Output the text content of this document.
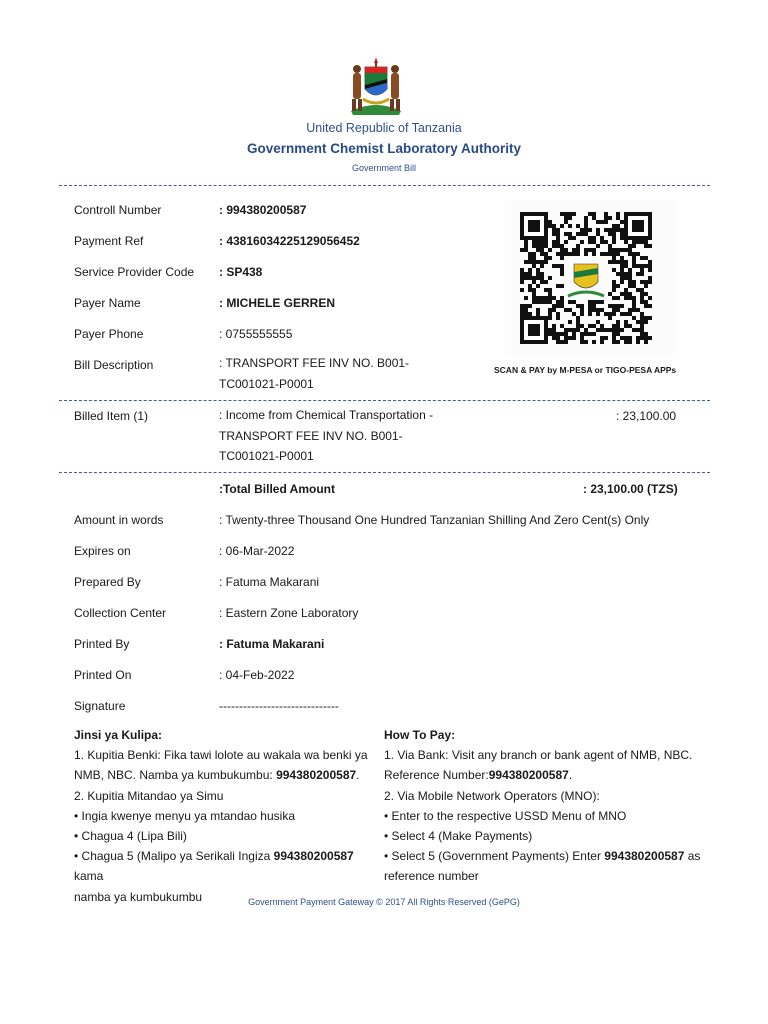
United Republic of Tanzania
Government Chemist Laboratory Authority
Government Bill
Controll Number	: 994380200587
Payment Ref	: 43816034225129056452
Service Provider Code : SP438
Payer Name	: MICHELE GERREN
Payer Phone	: 0755555555
Bill Description	: TRANSPORT FEE INV NO. B001-
TC001021-P0001
SCAN & PAY by M-PESA or TIGO-PESA APPs
Billed Item (1)	: Income from Chemical Transportation -
TRANSPORT FEE INV NO. B001-
TC001021-P0001
: 23,100.00
:Total Billed Amount	: 23,100.00 (TZS)
Amount in words	: Twenty-three Thousand One Hundred Tanzanian Shilling And Zero Cent(s) Only
Expires on	: 06-Mar-2022
Prepared By	: Fatuma Makarani
Collection Center	: Eastern Zone Laboratory
Printed By	: Fatuma Makarani
Printed On	: 04-Feb-2022
Signature	------------------------------
Jinsi ya Kulipa:
1. Kupitia Benki: Fika tawi lolote au wakala wa benki ya
NMB, NBC. Namba ya kumbukumbu: 994380200587.
2. Kupitia Mitandao ya Simu
• Ingia kwenye menyu ya mtandao husika
• Chagua 4 (Lipa Bili)
• Chagua 5 (Malipo ya Serikali Ingiza 994380200587 kama
namba ya kumbukumbu
How To Pay:
1. Via Bank: Visit any branch or bank agent of NMB, NBC.
Reference Number:994380200587.
2. Via Mobile Network Operators (MNO):
• Enter to the respective USSD Menu of MNO
• Select 4 (Make Payments)
• Select 5 (Government Payments) Enter 994380200587 as
reference number
Government Payment Gateway © 2017 All Rights Reserved (GePG)
